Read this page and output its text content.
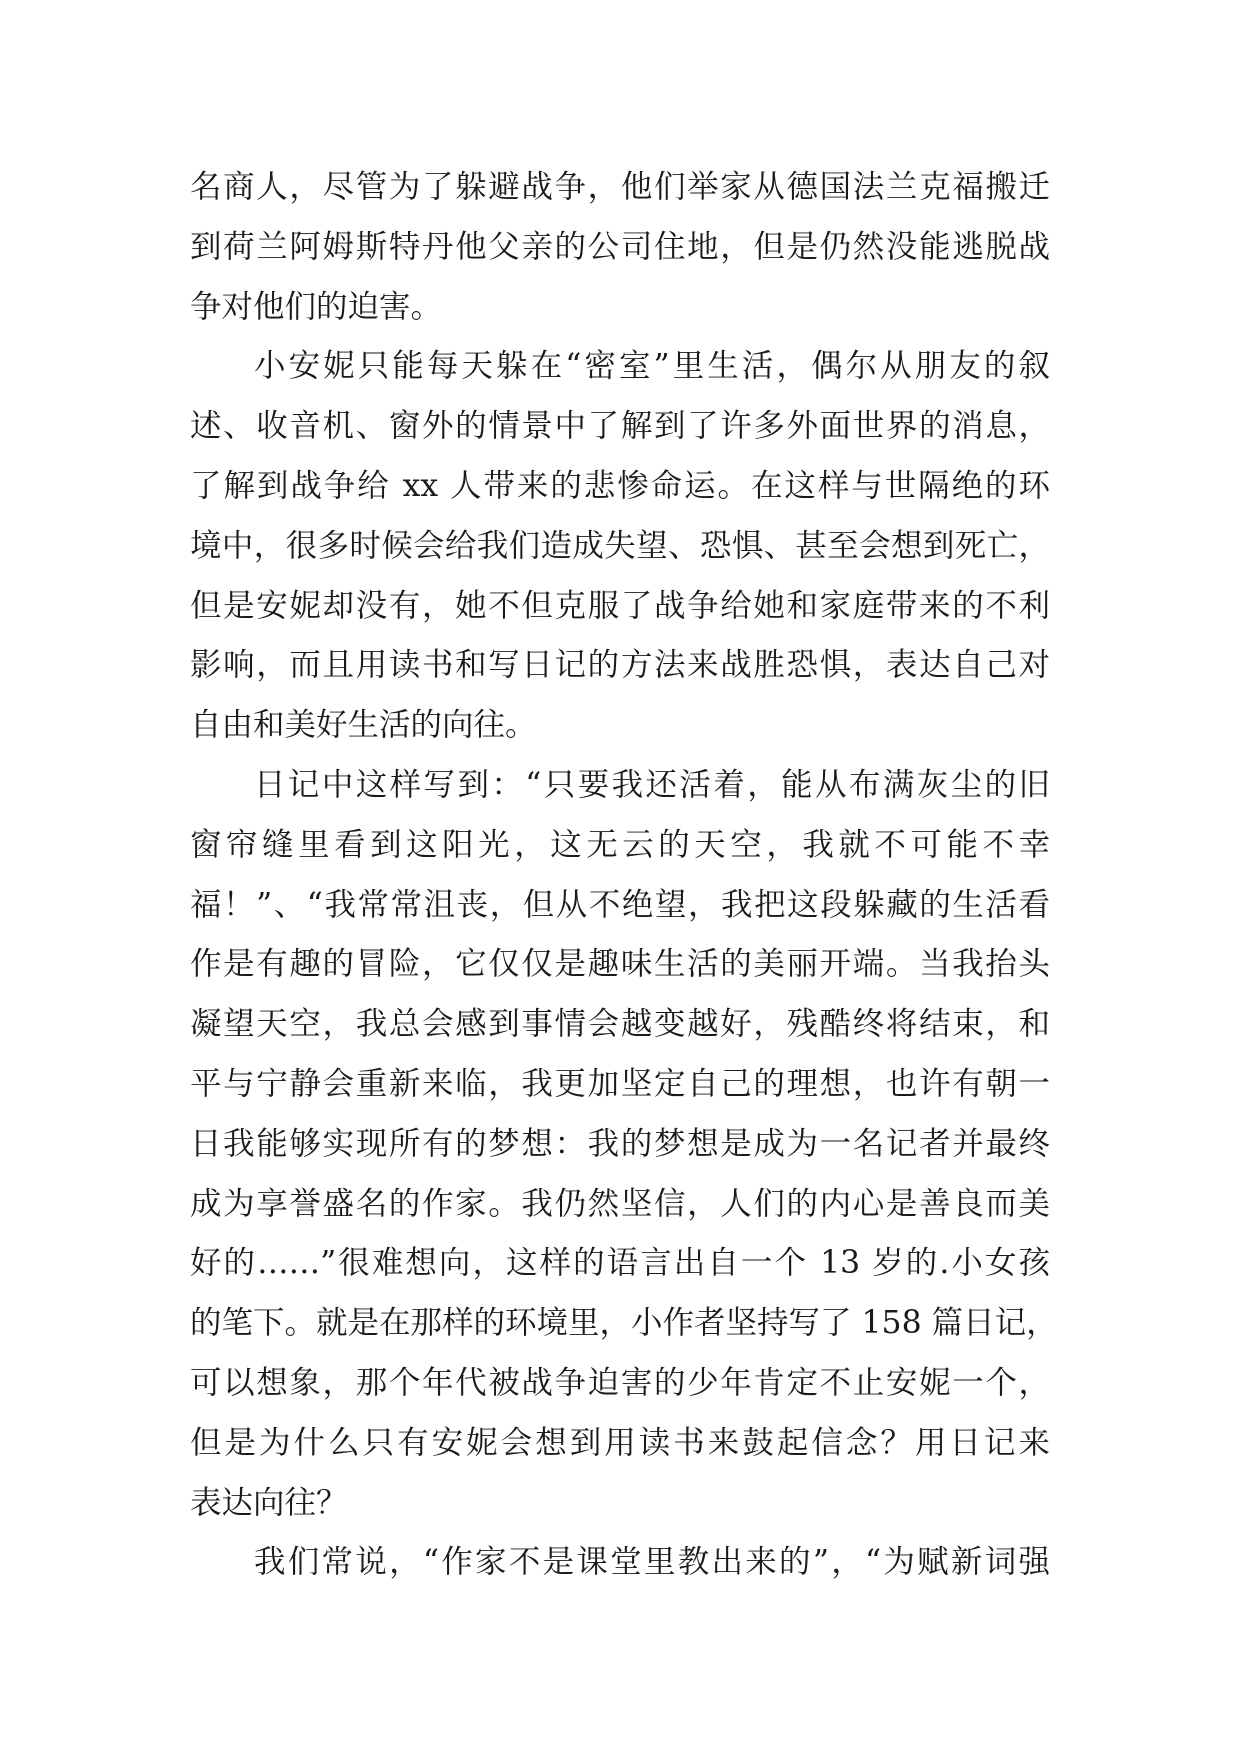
名商人，尽管为了躲避战争，他们举家从德国法兰克福搬迁
到荷兰阿姆斯特丹他父亲的公司住地，但是仍然没能逃脱战
争对他们的迫害。
小安妮只能每天躲在“密室”里生活，偶尔从朋友的叙
述、收音机、窗外的情景中了解到了许多外面世界的消息，
了解到战争给 xx 人带来的悲惨命运。在这样与世隔绝的环
境中，很多时候会给我们造成失望、恐惧、甚至会想到死亡，
但是安妮却没有，她不但克服了战争给她和家庭带来的不利
影响，而且用读书和写日记的方法来战胜恐惧，表达自己对
自由和美好生活的向往。
日记中这样写到：“只要我还活着，能从布满灰尘的旧
窗帘缝里看到这阳光，这无云的天空，我就不可能不幸
福！”、“我常常沮丧，但从不绝望，我把这段躲藏的生活看
作是有趣的冒险，它仅仅是趣味生活的美丽开端。当我抬头
凝望天空，我总会感到事情会越变越好，残酷终将结束，和
平与宁静会重新来临，我更加坚定自己的理想，也许有朝一
日我能够实现所有的梦想：我的梦想是成为一名记者并最终
成为享誉盛名的作家。我仍然坚信，人们的内心是善良而美
好的……”很难想向，这样的语言出自一个 13 岁的.小女孩
的笔下。就是在那样的环境里，小作者坚持写了 158 篇日记，
可以想象，那个年代被战争迫害的少年肯定不止安妮一个，
但是为什么只有安妮会想到用读书来鼓起信念？用日记来
表达向往？
我们常说，“作家不是课堂里教出来的”，“为赋新词强
